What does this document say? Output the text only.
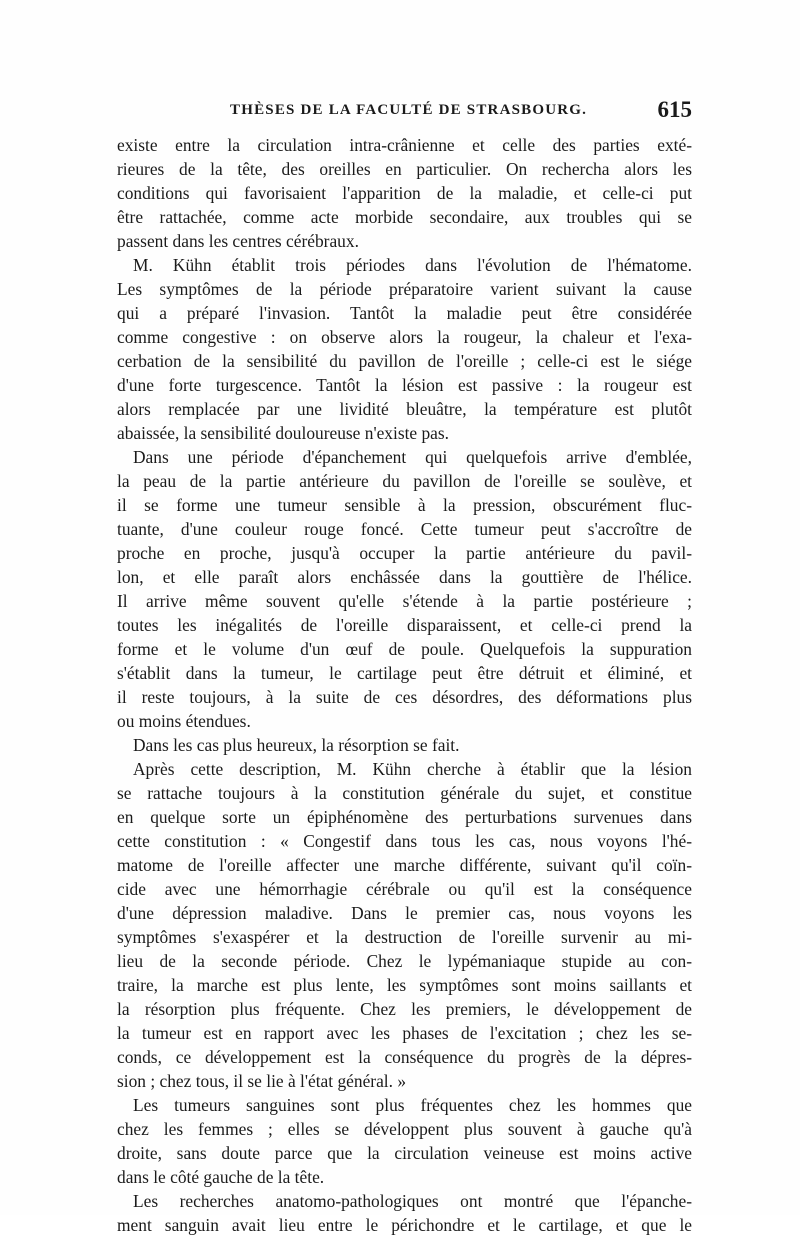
THÈSES DE LA FACULTÉ DE STRASBOURG.	615
existe entre la circulation intra-crânienne et celle des parties exté-
rieures de la tête, des oreilles en particulier. On rechercha alors les
conditions qui favorisaient l'apparition de la maladie, et celle-ci put
être rattachée, comme acte morbide secondaire, aux troubles qui se
passent dans les centres cérébraux.
M. Kühn établit trois périodes dans l'évolution de l'hématome.
Les symptômes de la période préparatoire varient suivant la cause
qui a préparé l'invasion. Tantôt la maladie peut être considérée
comme congestive : on observe alors la rougeur, la chaleur et l'exa-
cerbation de la sensibilité du pavillon de l'oreille ; celle-ci est le siége
d'une forte turgescence. Tantôt la lésion est passive : la rougeur est
alors remplacée par une lividité bleuâtre, la température est plutôt
abaissée, la sensibilité douloureuse n'existe pas.
Dans une période d'épanchement qui quelquefois arrive d'emblée,
la peau de la partie antérieure du pavillon de l'oreille se soulève, et
il se forme une tumeur sensible à la pression, obscurément fluc-
tuante, d'une couleur rouge foncé. Cette tumeur peut s'accroître de
proche en proche, jusqu'à occuper la partie antérieure du pavil-
lon, et elle paraît alors enchâssée dans la gouttière de l'hélice.
Il arrive même souvent qu'elle s'étende à la partie postérieure ;
toutes les inégalités de l'oreille disparaissent, et celle-ci prend la
forme et le volume d'un œuf de poule. Quelquefois la suppuration
s'établit dans la tumeur, le cartilage peut être détruit et éliminé, et
il reste toujours, à la suite de ces désordres, des déformations plus
ou moins étendues.
Dans les cas plus heureux, la résorption se fait.
Après cette description, M. Kühn cherche à établir que la lésion
se rattache toujours à la constitution générale du sujet, et constitue
en quelque sorte un épiphénomène des perturbations survenues dans
cette constitution : « Congestif dans tous les cas, nous voyons l'hé-
matome de l'oreille affecter une marche différente, suivant qu'il coïn-
cide avec une hémorrhagie cérébrale ou qu'il est la conséquence
d'une dépression maladive. Dans le premier cas, nous voyons les
symptômes s'exaspérer et la destruction de l'oreille survenir au mi-
lieu de la seconde période. Chez le lypémaniaque stupide au con-
traire, la marche est plus lente, les symptômes sont moins saillants et
la résorption plus fréquente. Chez les premiers, le développement de
la tumeur est en rapport avec les phases de l'excitation ; chez les se-
conds, ce développement est la conséquence du progrès de la dépres-
sion ; chez tous, il se lie à l'état général. »
Les tumeurs sanguines sont plus fréquentes chez les hommes que
chez les femmes ; elles se développent plus souvent à gauche qu'à
droite, sans doute parce que la circulation veineuse est moins active
dans le côté gauche de la tête.
Les recherches anatomo-pathologiques ont montré que l'épanche-
ment sanguin avait lieu entre le périchondre et le cartilage, et que le
